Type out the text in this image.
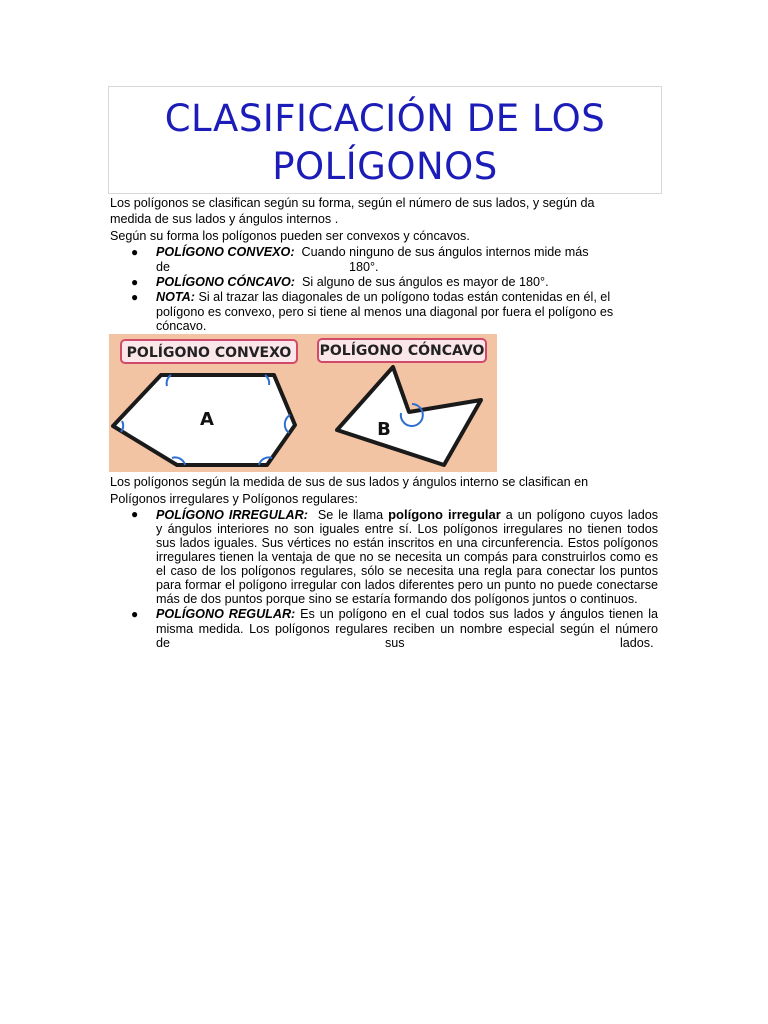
CLASIFICACIÓN DE LOS
POLÍGONOS
Los polígonos se clasifican según su forma, según el número de sus lados, y según da
medida de sus lados y ángulos internos .
Según su forma los polígonos pueden ser convexos y cóncavos.
● POLÍGONO CONVEXO: Cuando ninguno de sus ángulos internos mide más
de	180°.
● POLÍGONO CÓNCAVO: Si alguno de sus ángulos es mayor de 180°.
● NOTA: Si al trazar las diagonales de un polígono todas están contenidas en él, el
polígono es convexo, pero si tiene al menos una diagonal por fuera el polígono es
cóncavo.
POLÍGONO CONVEXO POLÍGONO CÓNCAVO
A	B
Los polígonos según la medida de sus de sus lados y ángulos interno se clasifican en
Polígonos irregulares y Polígonos regulares:
● POLÍGONO IRREGULAR: Se le llama polígono irregular a un polígono cuyos lados
y ángulos interiores no son iguales entre sí. Los polígonos irregulares no tienen todos
sus lados iguales. Sus vértices no están inscritos en una circunferencia. Estos polígonos
irregulares tienen la ventaja de que no se necesita un compás para construirlos como es
el caso de los polígonos regulares, sólo se necesita una regla para conectar los puntos
para formar el polígono irregular con lados diferentes pero un punto no puede conectarse
más de dos puntos porque sino se estaría formando dos polígonos juntos o continuos.
● POLÍGONO REGULAR: Es un polígono en el cual todos sus lados y ángulos tienen la
misma medida. Los polígonos regulares reciben un nombre especial según el número
de	sus	lados.
